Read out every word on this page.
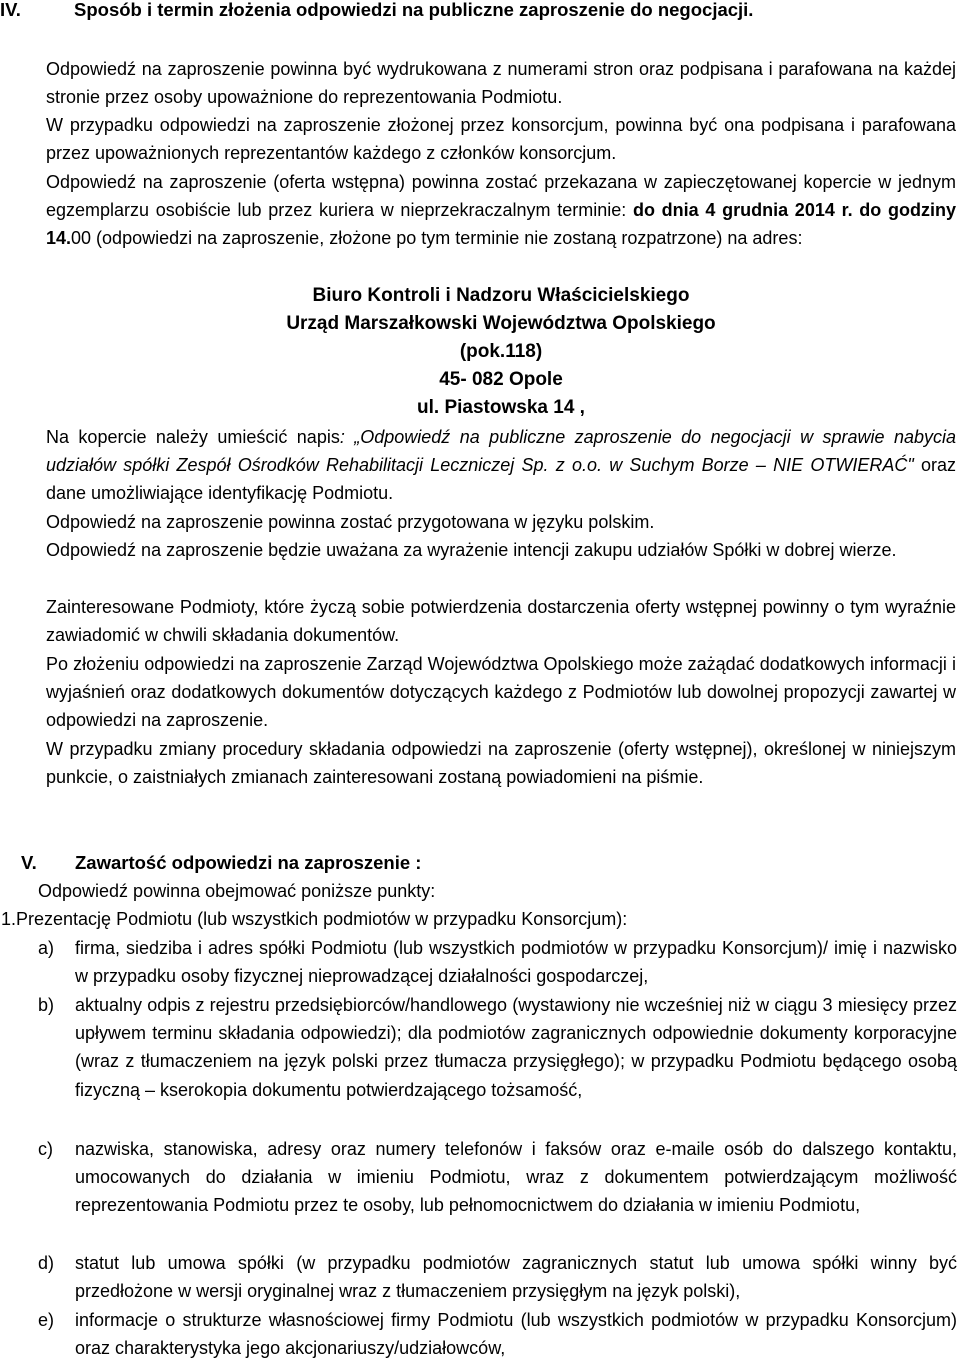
IV.	Sposób i termin złożenia odpowiedzi na publiczne zaproszenie do negocjacji.
Odpowiedź na zaproszenie powinna być wydrukowana z numerami stron oraz podpisana i parafowana na każdej stronie przez osoby upoważnione do reprezentowania Podmiotu.
W przypadku odpowiedzi na zaproszenie złożonej przez konsorcjum, powinna być ona podpisana i parafowana przez upoważnionych reprezentantów każdego z członków konsorcjum.
Odpowiedź na zaproszenie (oferta wstępna) powinna zostać przekazana w zapieczętowanej kopercie w jednym egzemplarzu osobiście lub przez kuriera w nieprzekraczalnym terminie: do dnia 4 grudnia 2014 r. do godziny 14.00 (odpowiedzi na zaproszenie, złożone po tym terminie nie zostaną rozpatrzone) na adres:
Biuro Kontroli i Nadzoru Właścicielskiego
Urząd Marszałkowski Województwa Opolskiego
(pok.118)
45- 082 Opole
ul. Piastowska 14 ,
Na kopercie należy umieścić napis: „Odpowiedź na publiczne zaproszenie do negocjacji w sprawie nabycia udziałów spółki Zespół Ośrodków Rehabilitacji Leczniczej Sp. z o.o. w Suchym Borze – NIE OTWIERAĆ" oraz dane umożliwiające identyfikację Podmiotu.
Odpowiedź na zaproszenie powinna zostać przygotowana w języku polskim.
Odpowiedź na zaproszenie będzie uważana za wyrażenie intencji zakupu udziałów Spółki w dobrej wierze.
Zainteresowane Podmioty, które życzą sobie potwierdzenia dostarczenia oferty wstępnej powinny o tym wyraźnie zawiadomić w chwili składania dokumentów.
Po złożeniu odpowiedzi na zaproszenie Zarząd Województwa Opolskiego może zażądać dodatkowych informacji i wyjaśnień oraz dodatkowych dokumentów dotyczących każdego z Podmiotów lub dowolnej propozycji zawartej w odpowiedzi na zaproszenie.
W przypadku zmiany procedury składania odpowiedzi na zaproszenie (oferty wstępnej), określonej w niniejszym punkcie, o zaistniałych zmianach zainteresowani zostaną powiadomieni na piśmie.
V. Zawartość odpowiedzi na zaproszenie :
Odpowiedź powinna obejmować poniższe punkty:
1.Prezentację Podmiotu (lub wszystkich podmiotów w przypadku Konsorcjum):
a) firma, siedziba i adres spółki Podmiotu (lub wszystkich podmiotów w przypadku Konsorcjum)/ imię i nazwisko w przypadku osoby fizycznej nieprowadzącej działalności gospodarczej,
b) aktualny odpis z rejestru przedsiębiorców/handlowego (wystawiony nie wcześniej niż w ciągu 3 miesięcy przez upływem terminu składania odpowiedzi); dla podmiotów zagranicznych odpowiednie dokumenty korporacyjne (wraz z tłumaczeniem na język polski przez tłumacza przysięgłego); w przypadku Podmiotu będącego osobą fizyczną – kserokopia dokumentu potwierdzającego tożsamość,
c) nazwiska, stanowiska, adresy oraz numery telefonów i faksów oraz e-maile osób do dalszego kontaktu, umocowanych do działania w imieniu Podmiotu, wraz z dokumentem potwierdzającym możliwość reprezentowania Podmiotu przez te osoby, lub pełnomocnictwem do działania w imieniu Podmiotu,
d) statut lub umowa spółki (w przypadku podmiotów zagranicznych statut lub umowa spółki winny być przedłożone w wersji oryginalnej wraz z tłumaczeniem przysięgłym na język polski),
e) informacje o strukturze własnościowej firmy Podmiotu (lub wszystkich podmiotów w przypadku Konsorcjum) oraz charakterystyka jego akcjonariuszy/udziałowców,
